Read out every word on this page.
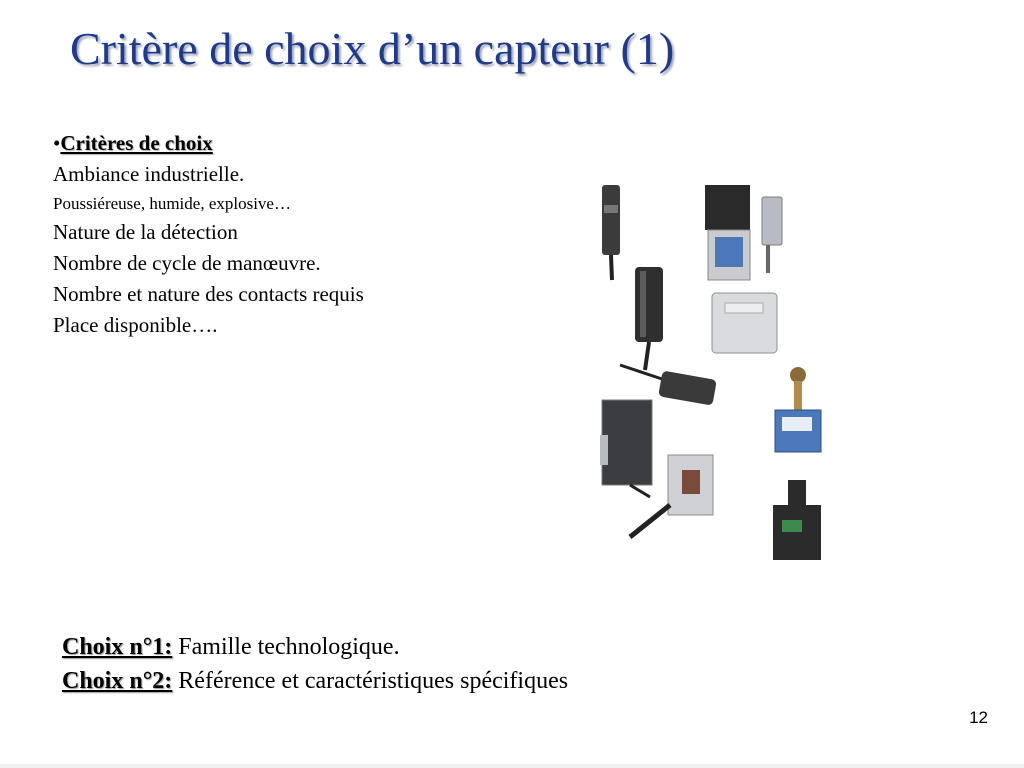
Critère de choix d’un capteur (1)
•Critères de choix
Ambiance industrielle.
Poussiéreuse, humide, explosive…
Nature de la détection
Nombre de cycle de manœuvre.
Nombre et nature des contacts requis
Place disponible….
Choix n°1: Famille technologique.
Choix n°2: Référence et caractéristiques spécifiques
12
